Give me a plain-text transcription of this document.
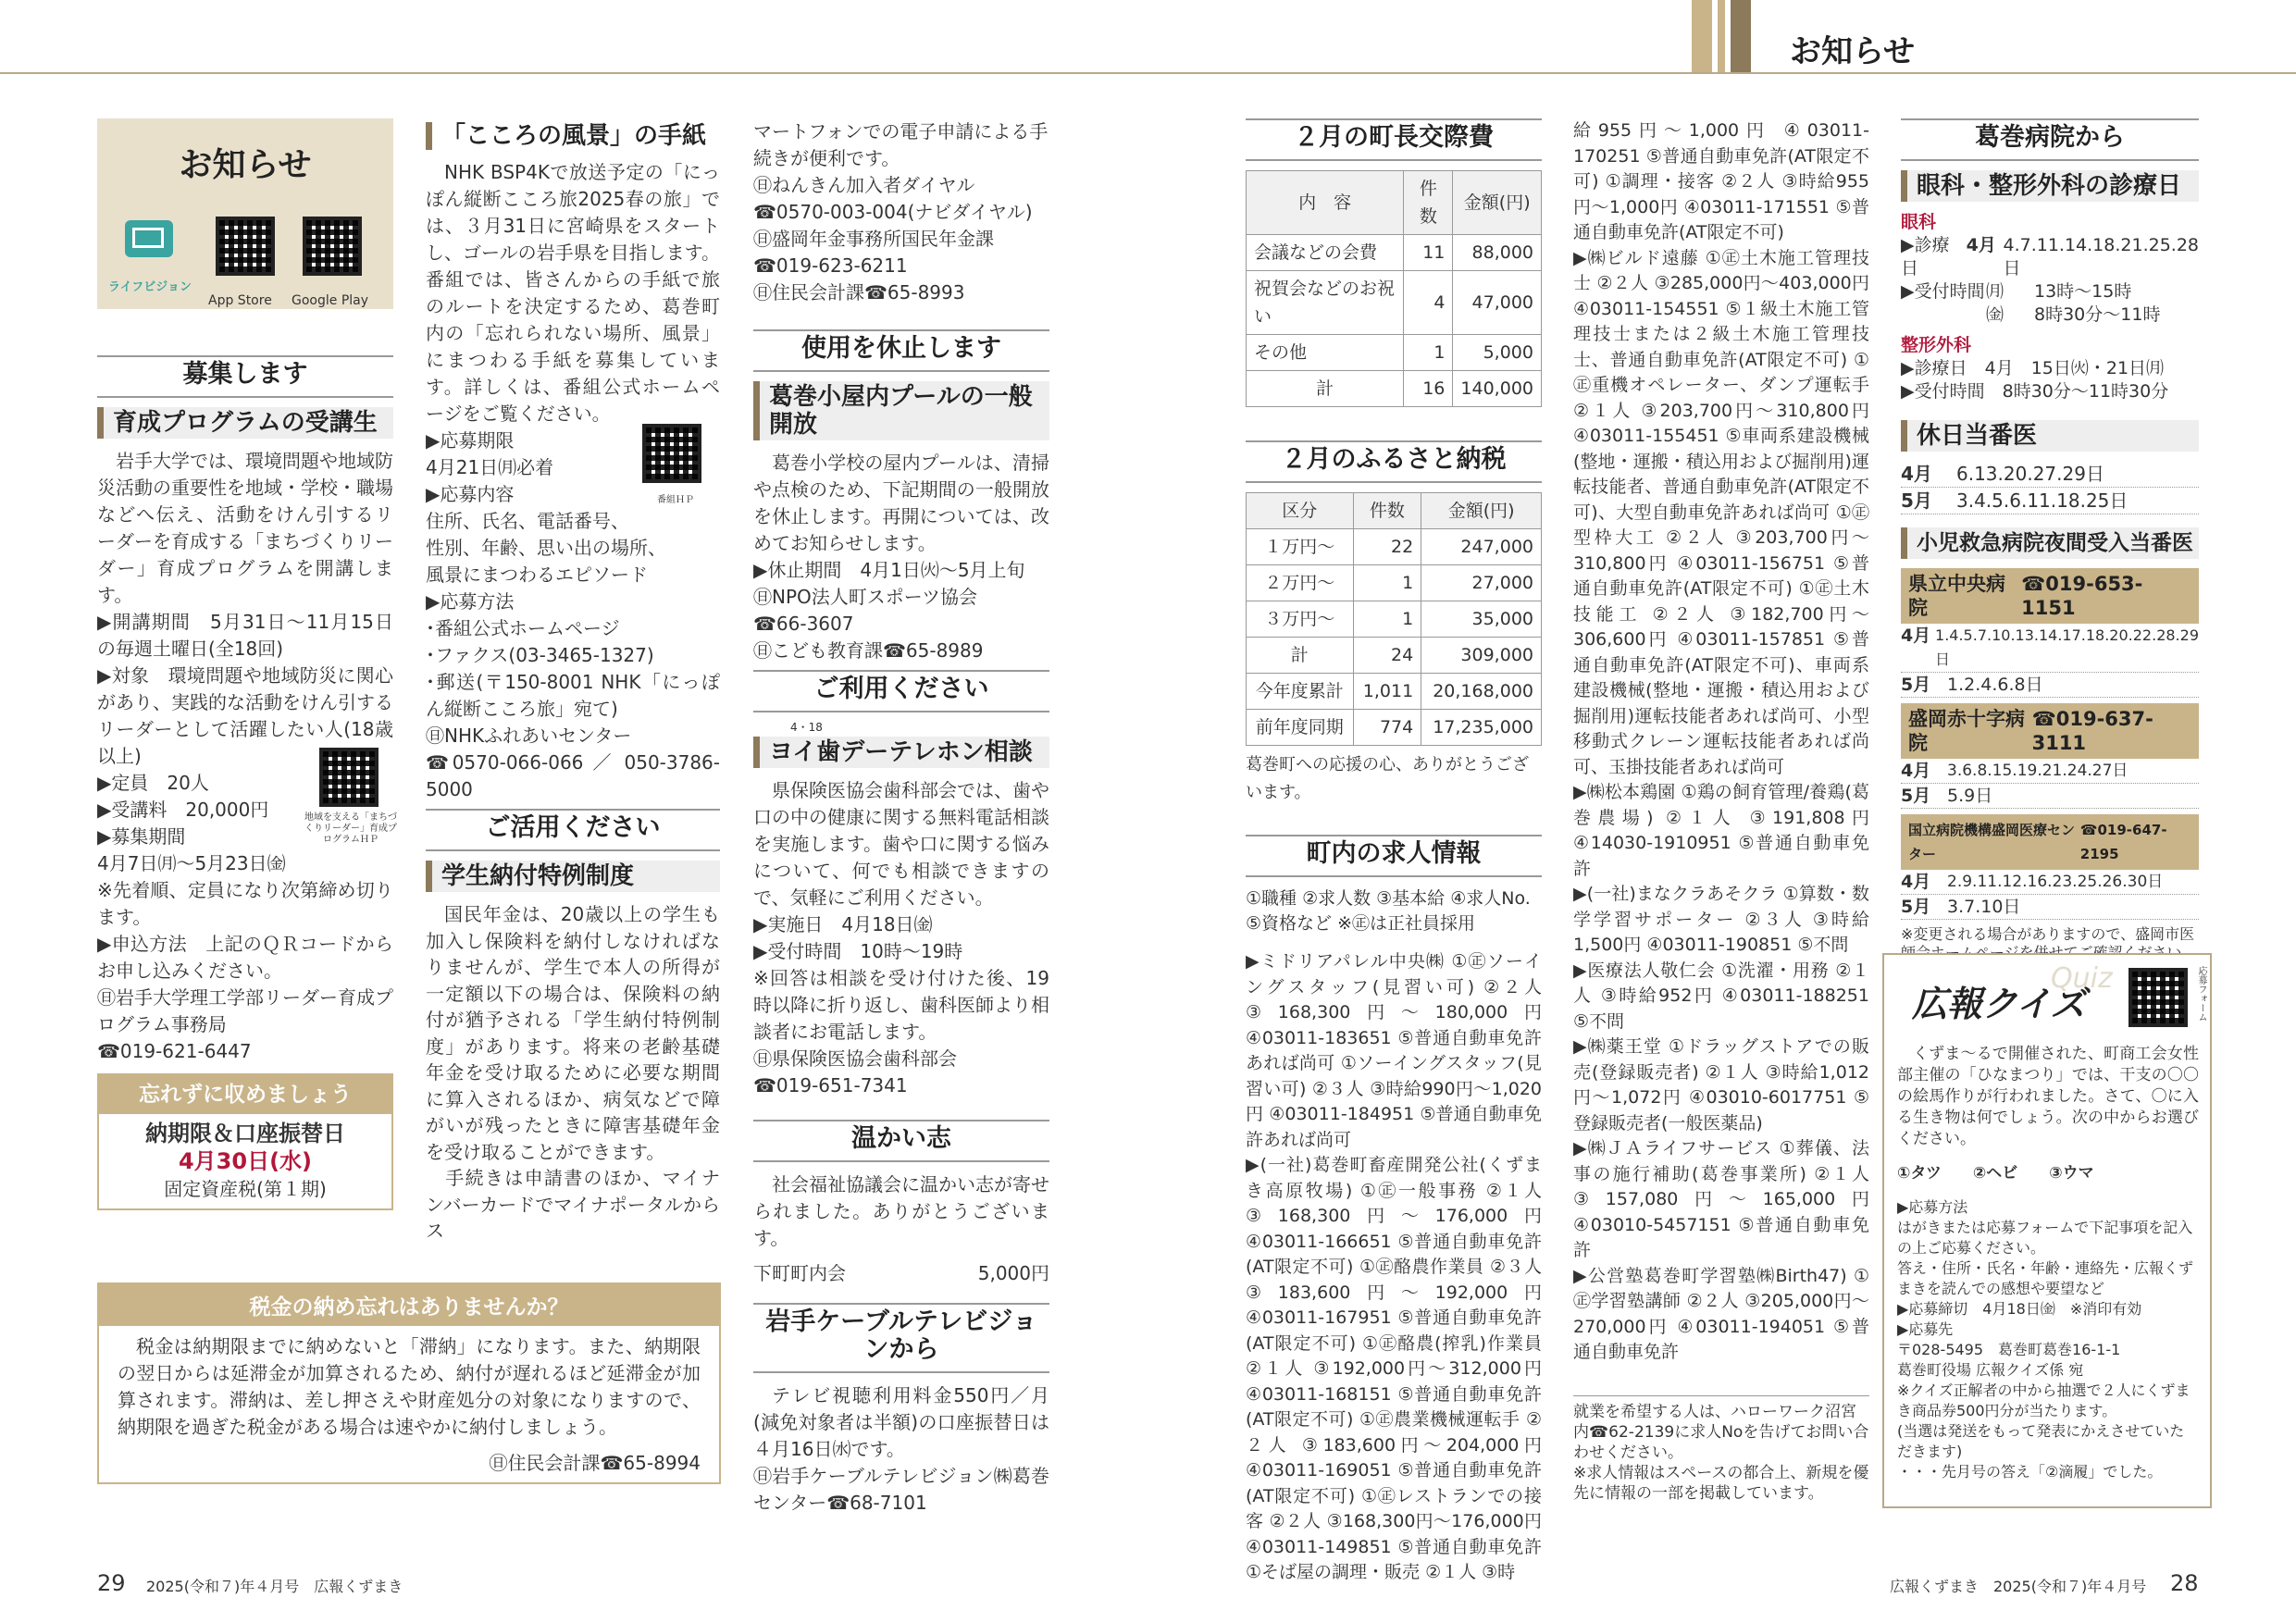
お知らせ
お知らせ
ライフビジョン
App Store Google Play
募集します
育成プログラムの受講生
岩手大学では、環境問題や地域防災活動の重要性を地域・学校・職場などへ伝え、活動をけん引するリーダーを育成する「まちづくりリーダー」育成プログラムを開講します。
▶開講期間　5月31日～11月15日の毎週土曜日(全18回)
▶対象　環境問題や地域防災に関心があり、実践的な活動をけん引するリーダーとして活躍したい人(18歳以上)
▶定員　20人
▶受講料　20,000円
▶募集期間
4月7日㈪～5月23日㈮
※先着順、定員になり次第締め切ります。
▶申込方法　上記のＱＲコードからお申し込みください。
㊐岩手大学理工学部リーダー育成プログラム事務局
☎019-621-6447
地域を支える「まちづくりリーダー」育成プログラムＨＰ
忘れずに収めましょう
納期限＆口座振替日
4月30日(水)
固定資産税(第１期)
「こころの風景」の手紙
NHK BSP4Kで放送予定の「にっぽん縦断こころ旅2025春の旅」では、３月31日に宮崎県をスタートし、ゴールの岩手県を目指します。番組では、皆さんからの手紙で旅のルートを決定するため、葛巻町内の「忘れられない場所、風景」にまつわる手紙を募集しています。詳しくは、番組公式ホームページをご覧ください。
▶応募期限
4月21日㈪必着
▶応募内容
住所、氏名、電話番号、
性別、年齢、思い出の場所、
風景にまつわるエピソード
▶応募方法
･番組公式ホームページ
･ファクス(03-3465-1327)
･郵送(〒150-8001 NHK「にっぽん縦断こころ旅」宛て)
㊐NHKふれあいセンター
☎0570-066-066 ／ 050-3786-5000
番組ＨＰ
ご活用ください
学生納付特例制度
国民年金は、20歳以上の学生も加入し保険料を納付しなければなりませんが、学生で本人の所得が一定額以下の場合は、保険料の納付が猶予される「学生納付特例制度」があります。将来の老齢基礎年金を受け取るために必要な期間に算入されるほか、病気などで障がいが残ったときに障害基礎年金を受け取ることができます。
　手続きは申請書のほか、マイナンバーカードでマイナポータルからス
マートフォンでの電子申請による手続きが便利です。
㊐ねんきん加入者ダイヤル
☎0570-003-004(ナビダイヤル)
㊐盛岡年金事務所国民年金課
☎019-623-6211
㊐住民会計課☎65-8993
使用を休止します
葛巻小屋内プールの一般開放
葛巻小学校の屋内プールは、清掃や点検のため、下記期間の一般開放を休止します。再開については、改めてお知らせします。
▶休止期間　4月1日㈫～5月上旬
㊐NPO法人町スポーツ協会
☎66-3607
㊐こども教育課☎65-8989
ご利用ください
4・18
ヨイ歯デーテレホン相談
県保険医協会歯科部会では、歯や口の中の健康に関する無料電話相談を実施します。歯や口に関する悩みについて、何でも相談できますので、気軽にご利用ください。
▶実施日　4月18日㈮
▶受付時間　10時～19時
※回答は相談を受け付けた後、19時以降に折り返し、歯科医師より相談者にお電話します。
㊐県保険医協会歯科部会
☎019-651-7341
温かい志
社会福祉協議会に温かい志が寄せられました。ありがとうございます。
下町町内会	5,000円
岩手ケーブルテレビジョンから
テレビ視聴利用料金550円／月(減免対象者は半額)の口座振替日は４月16日㈬です。
㊐岩手ケーブルテレビジョン㈱葛巻センター☎68-7101
税金の納め忘れはありませんか？
税金は納期限までに納めないと「滞納」になります。また、納期限の翌日からは延滞金が加算されるため、納付が遅れるほど延滞金が加算されます。滞納は、差し押さえや財産処分の対象になりますので、納期限を過ぎた税金がある場合は速やかに納付しましょう。
㊐住民会計課☎65-8994
２月の町長交際費
内　容	件数	金額(円)
会議などの会費	11	88,000
祝賀会などのお祝い	4	47,000
その他	1	5,000
計	16	140,000
２月のふるさと納税
区分	件数	金額(円)
１万円～	22	247,000
２万円～	1	27,000
３万円～	1	35,000
計	24	309,000
今年度累計	1,011	20,168,000
前年度同期	774	17,235,000
葛巻町への応援の心、ありがとうございます。
町内の求人情報
①職種 ②求人数 ③基本給 ④求人No. ⑤資格など ※㊣は正社員採用
▶ミドリアパレル中央㈱ ①㊣ソーイングスタッフ(見習い可) ②２人 ③168,300円～180,000円 ④03011-183651 ⑤普通自動車免許あれば尚可 ①ソーイングスタッフ(見習い可) ②３人 ③時給990円～1,020円 ④03011-184951 ⑤普通自動車免許あれば尚可
▶(一社)葛巻町畜産開発公社(くずまき高原牧場) ①㊣一般事務 ②１人 ③168,300円～176,000円 ④03011-166651 ⑤普通自動車免許(AT限定不可) ①㊣酪農作業員 ②３人 ③183,600円～192,000円 ④03011-167951 ⑤普通自動車免許(AT限定不可) ①㊣酪農(搾乳)作業員 ②１人 ③192,000円～312,000円 ④03011-168151 ⑤普通自動車免許(AT限定不可) ①㊣農業機械運転手 ②２人 ③183,600円～204,000円 ④03011-169051 ⑤普通自動車免許(AT限定不可) ①㊣レストランでの接客 ②２人 ③168,300円～176,000円 ④03011-149851 ⑤普通自動車免許 ①そば屋の調理・販売 ②１人 ③時
給955円～1,000円 ④03011-170251 ⑤普通自動車免許(AT限定不可) ①調理・接客 ②２人 ③時給955円～1,000円 ④03011-171551 ⑤普通自動車免許(AT限定不可)
▶㈱ビルド遠藤 ①㊣土木施工管理技士 ②２人 ③285,000円～403,000円 ④03011-154551 ⑤１級土木施工管理技士または２級土木施工管理技士、普通自動車免許(AT限定不可) ①㊣重機オペレーター、ダンプ運転手 ②１人 ③203,700円～310,800円 ④03011-155451 ⑤車両系建設機械(整地・運搬・積込用および掘削用)運転技能者、普通自動車免許(AT限定不可)、大型自動車免許あれば尚可 ①㊣型枠大工 ②２人 ③203,700円～310,800円 ④03011-156751 ⑤普通自動車免許(AT限定不可) ①㊣土木技能工 ②２人 ③182,700円～306,600円 ④03011-157851 ⑤普通自動車免許(AT限定不可)、車両系建設機械(整地・運搬・積込用および掘削用)運転技能者あれば尚可、小型移動式クレーン運転技能者あれば尚可、玉掛技能者あれば尚可
▶㈱松本鶏園 ①鶏の飼育管理/養鶏(葛巻農場) ②１人 ③191,808円 ④14030-1910951 ⑤普通自動車免許
▶(一社)まなクラあそクラ ①算数・数学学習サポーター ②３人 ③時給1,500円 ④03011-190851 ⑤不問
▶医療法人敬仁会 ①洗濯・用務 ②１人 ③時給952円 ④03011-188251 ⑤不問
▶㈱薬王堂 ①ドラッグストアでの販売(登録販売者) ②１人 ③時給1,012円～1,072円 ④03010-6017751 ⑤登録販売者(一般医薬品)
▶㈱ＪＡライフサービス ①葬儀、法事の施行補助(葛巻事業所) ②１人 ③157,080円～165,000円 ④03010-5457151 ⑤普通自動車免許
▶公営塾葛巻町学習塾㈱Birth47) ①㊣学習塾講師 ②２人 ③205,000円～270,000円 ④03011-194051 ⑤普通自動車免許
就業を希望する人は、ハローワーク沼宮内☎62-2139に求人Noを告げてお問い合わせください。
※求人情報はスペースの都合上、新規を優先に情報の一部を掲載しています。
葛巻病院から
眼科・整形外科の診療日
眼科
▶診療日
4月 4.7.11.14.18.21.25.28日
▶受付時間 ㈪	13時～15時
㈮	8時30分～11時
整形外科
▶診療日　4月　15日㈫・21日㈪
▶受付時間　8時30分～11時30分
休日当番医
4月	6.13.20.27.29日
5月	3.4.5.6.11.18.25日
小児救急病院夜間受入当番医
県立中央病院
☎019-653-1151
4月 1.4.5.7.10.13.14.17.18.20.22.28.29日
5月 1.2.4.6.8日
盛岡赤十字病院
☎019-637-3111
4月	3.6.8.15.19.21.24.27日
5月 5.9日
国立病院機構盛岡医療センター
☎019-647-2195
4月	2.9.11.12.16.23.25.26.30日
5月 3.7.10日
※変更される場合がありますので、盛岡市医
Quiz
広報クイズ	応募フォーム
くずま～るで開催された、町商工会女性部主催の「ひなまつり」では、干支の〇〇の絵馬作りが行われました。さて、〇に入る生き物は何でしょう。次の中からお選びください。
①タツ　　②ヘビ　　③ウマ
▶応募方法
はがきまたは応募フォームで下記事項を記入の上ご応募ください。
答え・住所・氏名・年齢・連絡先・広報くずまきを読んでの感想や要望など
▶応募締切　4月18日㈮　※消印有効
▶応募先
〒028-5495　葛巻町葛巻16-1-1
葛巻町役場 広報クイズ係 宛
※クイズ正解者の中から抽選で２人にくずまき商品券500円分が当たります。
(当選は発送をもって発表にかえさせていただきます)
・・・先月号の答え「②滴履」でした。
29 2025(令和７)年４月号　広報くずまき	広報くずまき　2025(令和７)年４月号 28
